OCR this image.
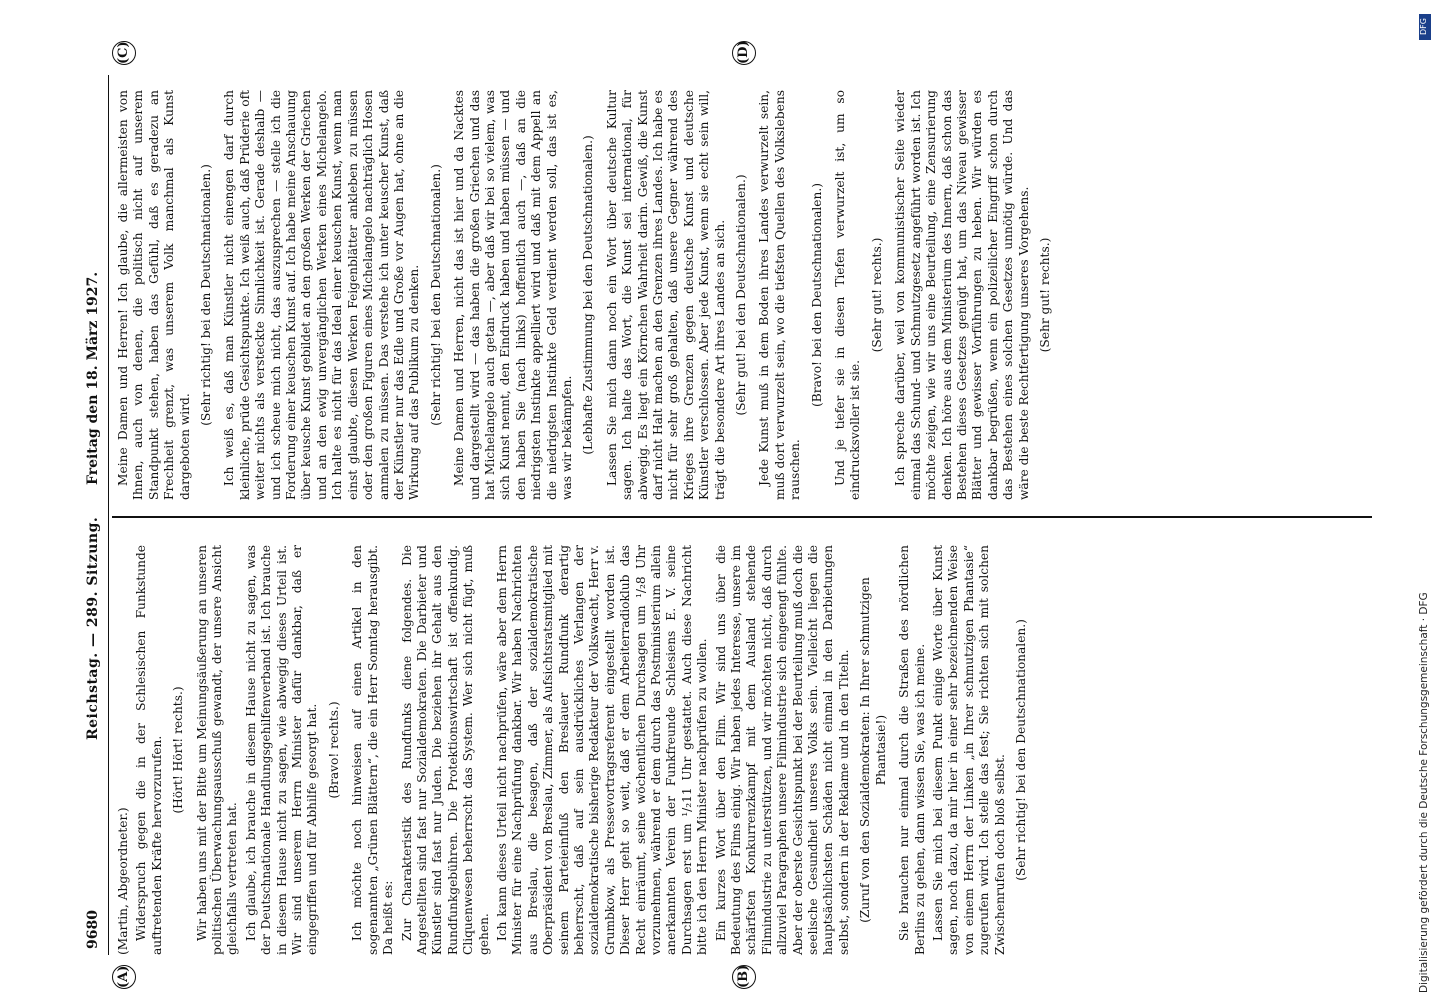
9680
Reichstag. — 289. Sitzung.
Freitag den 18. März 1927.

(Martin, Abgeordneter.) Widerspruch gegen die in der Schlesischen Funkstunde auftretenden Kräfte hervorzurufen. (Hört! Hört! rechts.) Wir haben uns mit der Bitte um Meinungsäußerung an unseren politischen Überwachungsausschuß gewandt, der unsere Ansicht gleichfalls vertreten hat. Ich glaube, ich brauche in diesem Hause nicht zu sagen, was der Deutschnationale Handlungsgehilfenverband ist. Ich brauche in diesem Hause nicht zu sagen, wie abwegig dieses Urteil ist. Wir sind unserem Herrn Minister dafür dankbar, daß er eingegriffen und für Abhilfe gesorgt hat. (Bravo! rechts.) Ich möchte noch hinweisen auf einen Artikel in den sogenannten „Grünen Blättern“, die ein Herr Sonntag herausgibt. Da heißt es: Zur Charakteristik des Rundfunks diene folgendes. Die Angestellten sind fast nur Sozialdemokraten. Die Darbieter und Künstler sind fast nur Juden. Die beziehen ihr Gehalt aus den Rundfunkgebühren. Die Protektionswirtschaft ist offenkundig. Cliquenwesen beherrscht das System. Wer sich nicht fügt, muß gehen. Ich kann dieses Urteil nicht nachprüfen, wäre aber dem Herrn Minister für eine Nachprüfung dankbar. Wir haben Nachrichten aus Breslau, die besagen, daß der sozialdemokratische Oberpräsident von Breslau, Zimmer, als Aufsichtsratsmitglied mit seinem Parteieinfluß den Breslauer Rundfunk derartig beherrscht, daß auf sein ausdrückliches Verlangen der sozialdemokratische bisherige Redakteur der Volkswacht, Herr v. Grumbkow, als Pressevortragsreferent eingestellt worden ist. Dieser Herr geht so weit, daß er dem Arbeiterradioklub das Recht einräumt, seine wöchentlichen Durchsagen um ¹/₂8 Uhr vorzunehmen, während er dem durch das Postministerium allein anerkannten Verein der Funkfreunde Schlesiens E. V. seine Durchsagen erst um ¹/₂11 Uhr gestattet. Auch diese Nachricht bitte ich den Herrn Minister nachprüfen zu wollen. Ein kurzes Wort über den Film. Wir sind uns über die Bedeutung des Films einig. Wir haben jedes Interesse, unsere im schärfsten Konkurrenzkampf mit dem Ausland stehende Filmindustrie zu unterstützen, und wir möchten nicht, daß durch allzuviel Paragraphen unsere Filmindustrie sich eingeengt fühlte. Aber der oberste Gesichtspunkt bei der Beurteilung muß doch die seelische Gesundheit unseres Volks sein. Vielleicht liegen die hauptsächlichsten Schäden nicht einmal in den Darbietungen selbst, sondern in der Reklame und in den Titeln. (Zuruf von den Sozialdemokraten: In Ihrer schmutzigen Phantasie!) Sie brauchen nur einmal durch die Straßen des nördlichen Berlins zu gehen, dann wissen Sie, was ich meine. Lassen Sie mich bei diesem Punkt einige Worte über Kunst sagen, noch dazu, da mir hier in einer sehr bezeichnenden Weise von einem Herrn der Linken „in Ihrer schmutzigen Phantasie“ zugerufen wird. Ich stelle das fest; Sie richten sich mit solchen Zwischenrufen doch bloß selbst. (Sehr richtig! bei den Deutschnationalen.)

Meine Damen und Herren! Ich glaube, die allermeisten von Ihnen, auch von denen, die politisch nicht auf unserem Standpunkt stehen, haben das Gefühl, daß es geradezu an Frechheit grenzt, was unserem Volk manchmal als Kunst dargeboten wird.

(Sehr richtig! bei den Deutschnationalen.) Ich weiß es, daß man Künstler nicht einengen darf durch kleinliche, prüde Gesichtspunkte. Ich weiß auch, daß Prüderie oft weiter nichts als versteckte Sinnlichkeit ist. Gerade deshalb — und ich scheue mich nicht, das auszusprechen — stelle ich die Forderung einer keuschen Kunst auf. Ich habe meine Anschauung über keusche Kunst gebildet an den großen Werken der Griechen und an den ewig unvergänglichen Werken eines Michelangelo. Ich halte es nicht für das Ideal einer keuschen Kunst, wenn man einst glaubte, diesen Werken Feigenblätter ankleben zu müssen oder den großen Figuren eines Michelangelo nachträglich Hosen anmalen zu müssen. Das verstehe ich unter keuscher Kunst, daß der Künstler nur das Edle und Große vor Augen hat, ohne an die Wirkung auf das Publikum zu denken. (Sehr richtig! bei den Deutschnationalen.) Meine Damen und Herren, nicht das ist hier und da Nacktes und dargestellt wird — das haben die großen Griechen und das hat Michelangelo auch getan —, aber daß wir bei so vielem, was sich Kunst nennt, den Eindruck haben und haben müssen — und den haben Sie (nach links) hoffentlich auch —, daß an die niedrigsten Instinkte appelliert wird und daß mit dem Appell an die niedrigsten Instinkte Geld verdient werden soll, das ist es, was wir bekämpfen. (Lebhafte Zustimmung bei den Deutschnationalen.) Lassen Sie mich dann noch ein Wort über deutsche Kultur sagen. Ich halte das Wort, die Kunst sei international, für abwegig. Es liegt ein Körnchen Wahrheit darin. Gewiß, die Kunst darf nicht Halt machen an den Grenzen ihres Landes. Ich habe es nicht für sehr groß gehalten, daß unsere Gegner während des Krieges ihre Grenzen gegen deutsche Kunst und deutsche Künstler verschlossen. Aber jede Kunst, wenn sie echt sein will, trägt die besondere Art ihres Landes an sich. (Sehr gut! bei den Deutschnationalen.) Jede Kunst muß in dem Boden ihres Landes verwurzelt sein, muß dort verwurzelt sein, wo die tiefsten Quellen des Volkslebens rauschen.

(Bravo! bei den Deutschnationalen.) Und je tiefer sie in diesen Tiefen verwurzelt ist, um so eindrucksvoller ist sie.

(Sehr gut! rechts.) Ich spreche darüber, weil von kommunistischer Seite wieder einmal das Schund- und Schmutzgesetz angeführt worden ist. Ich möchte zeigen, wie wir uns eine Beurteilung, eine Zensurierung denken. Ich höre aus dem Ministerium des Innern, daß schon das Bestehen dieses Gesetzes genügt hat, um das Niveau gewisser Blätter und gewisser Vorführungen zu heben. Wir würden es dankbar begrüßen, wenn ein polizeilicher Eingriff schon durch das Bestehen eines solchen Gesetzes unnötig würde. Und das wäre die beste Rechtfertigung unseres Vorgehens. (Sehr gut! rechts.)

(A)	(B)
(C)	(D)
Digitalisierung gefördert durch die Deutsche Forschungsgemeinschaft · DFG
DFG
